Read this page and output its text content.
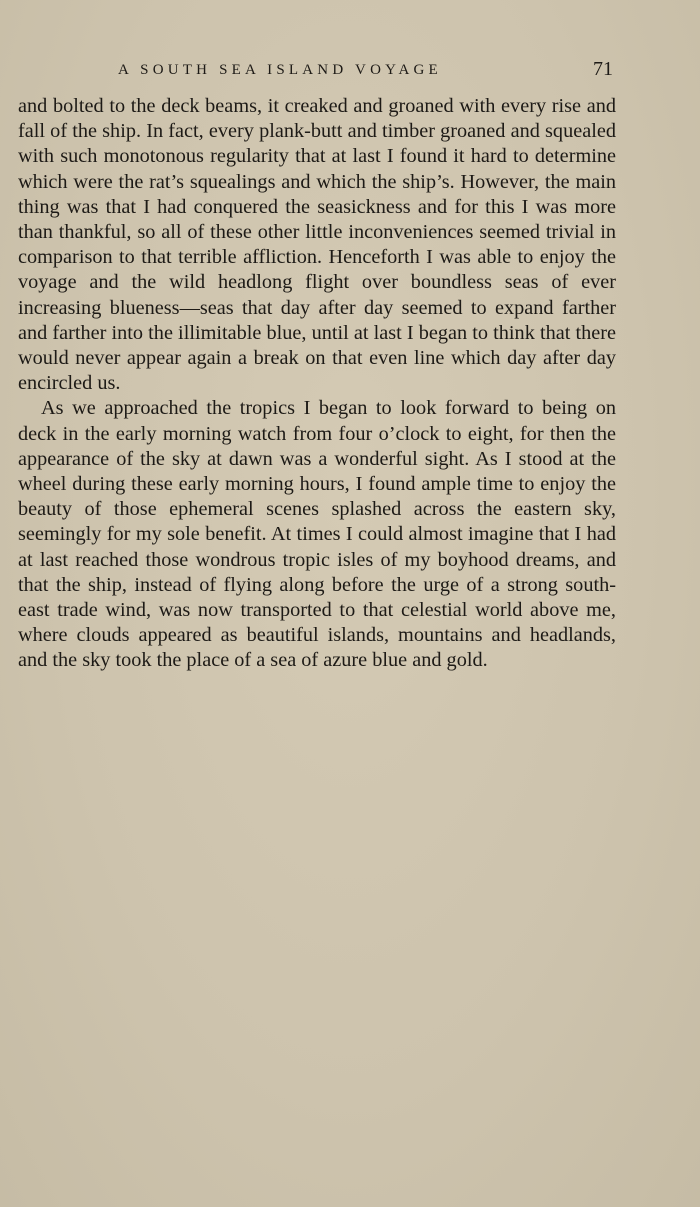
A SOUTH SEA ISLAND VOYAGE	71

and bolted to the deck beams, it creaked and groaned with every rise and fall of the ship. In fact, every plank-butt and timber groaned and squealed with such monotonous regularity that at last I found it hard to determine which were the rat’s squealings and which the ship’s. However, the main thing was that I had conquered the seasickness and for this I was more than thankful, so all of these other little inconveniences seemed trivial in comparison to that terrible affliction. Henceforth I was able to enjoy the voyage and the wild headlong flight over boundless seas of ever increasing blueness—seas that day after day seemed to expand farther and farther into the illimitable blue, until at last I began to think that there would never appear again a break on that even line which day after day encircled us.

As we approached the tropics I began to look forward to being on deck in the early morning watch from four o’clock to eight, for then the appearance of the sky at dawn was a wonderful sight. As I stood at the wheel during these early morning hours, I found ample time to enjoy the beauty of those ephemeral scenes splashed across the eastern sky, seemingly for my sole benefit. At times I could almost imagine that I had at last reached those wondrous tropic isles of my boyhood dreams, and that the ship, instead of flying along before the urge of a strong south-east trade wind, was now transported to that celestial world above me, where clouds appeared as beautiful islands, mountains and headlands, and the sky took the place of a sea of azure blue and gold.
